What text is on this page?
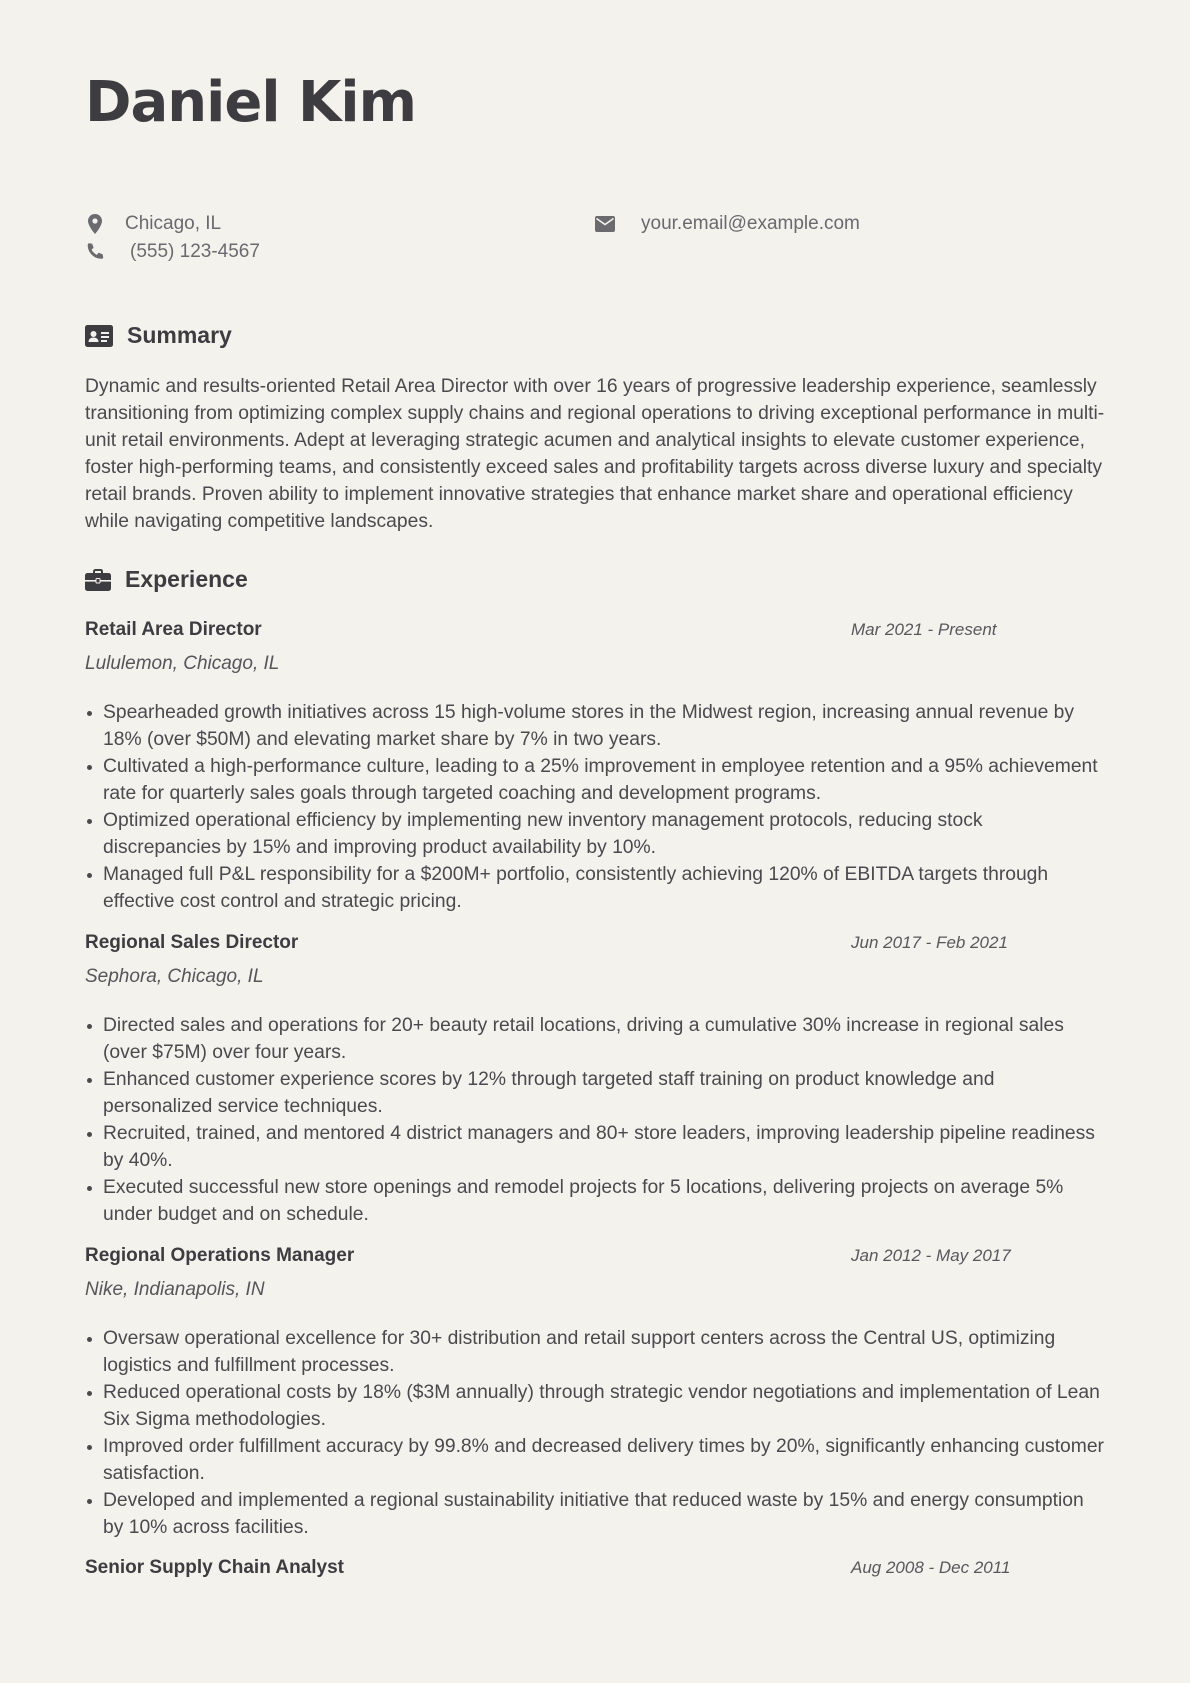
Daniel Kim
Chicago, IL
(555) 123-4567
your.email@example.com
Summary

Dynamic and results-oriented Retail Area Director with over 16 years of progressive leadership experience, seamlessly transitioning from optimizing complex supply chains and regional operations to driving exceptional performance in multi-unit retail environments. Adept at leveraging strategic acumen and analytical insights to elevate customer experience, foster high-performing teams, and consistently exceed sales and profitability targets across diverse luxury and specialty retail brands. Proven ability to implement innovative strategies that enhance market share and operational efficiency while navigating competitive landscapes.

Experience
Retail Area Director	Mar 2021 - Present
Lululemon, Chicago, IL
Spearheaded growth initiatives across 15 high-volume stores in the Midwest region, increasing annual revenue by 18% (over $50M) and elevating market share by 7% in two years.
Cultivated a high-performance culture, leading to a 25% improvement in employee retention and a 95% achievement rate for quarterly sales goals through targeted coaching and development programs.
Optimized operational efficiency by implementing new inventory management protocols, reducing stock discrepancies by 15% and improving product availability by 10%.
Managed full P&L responsibility for a $200M+ portfolio, consistently achieving 120% of EBITDA targets through effective cost control and strategic pricing.
Regional Sales Director	Jun 2017 - Feb 2021
Sephora, Chicago, IL
Directed sales and operations for 20+ beauty retail locations, driving a cumulative 30% increase in regional sales (over $75M) over four years.
Enhanced customer experience scores by 12% through targeted staff training on product knowledge and personalized service techniques.
Recruited, trained, and mentored 4 district managers and 80+ store leaders, improving leadership pipeline readiness by 40%.
Executed successful new store openings and remodel projects for 5 locations, delivering projects on average 5% under budget and on schedule.
Regional Operations Manager	Jan 2012 - May 2017
Nike, Indianapolis, IN
Oversaw operational excellence for 30+ distribution and retail support centers across the Central US, optimizing logistics and fulfillment processes.
Reduced operational costs by 18% ($3M annually) through strategic vendor negotiations and implementation of Lean Six Sigma methodologies.
Improved order fulfillment accuracy by 99.8% and decreased delivery times by 20%, significantly enhancing customer satisfaction.
Developed and implemented a regional sustainability initiative that reduced waste by 15% and energy consumption by 10% across facilities.
Senior Supply Chain Analyst	Aug 2008 - Dec 2011
